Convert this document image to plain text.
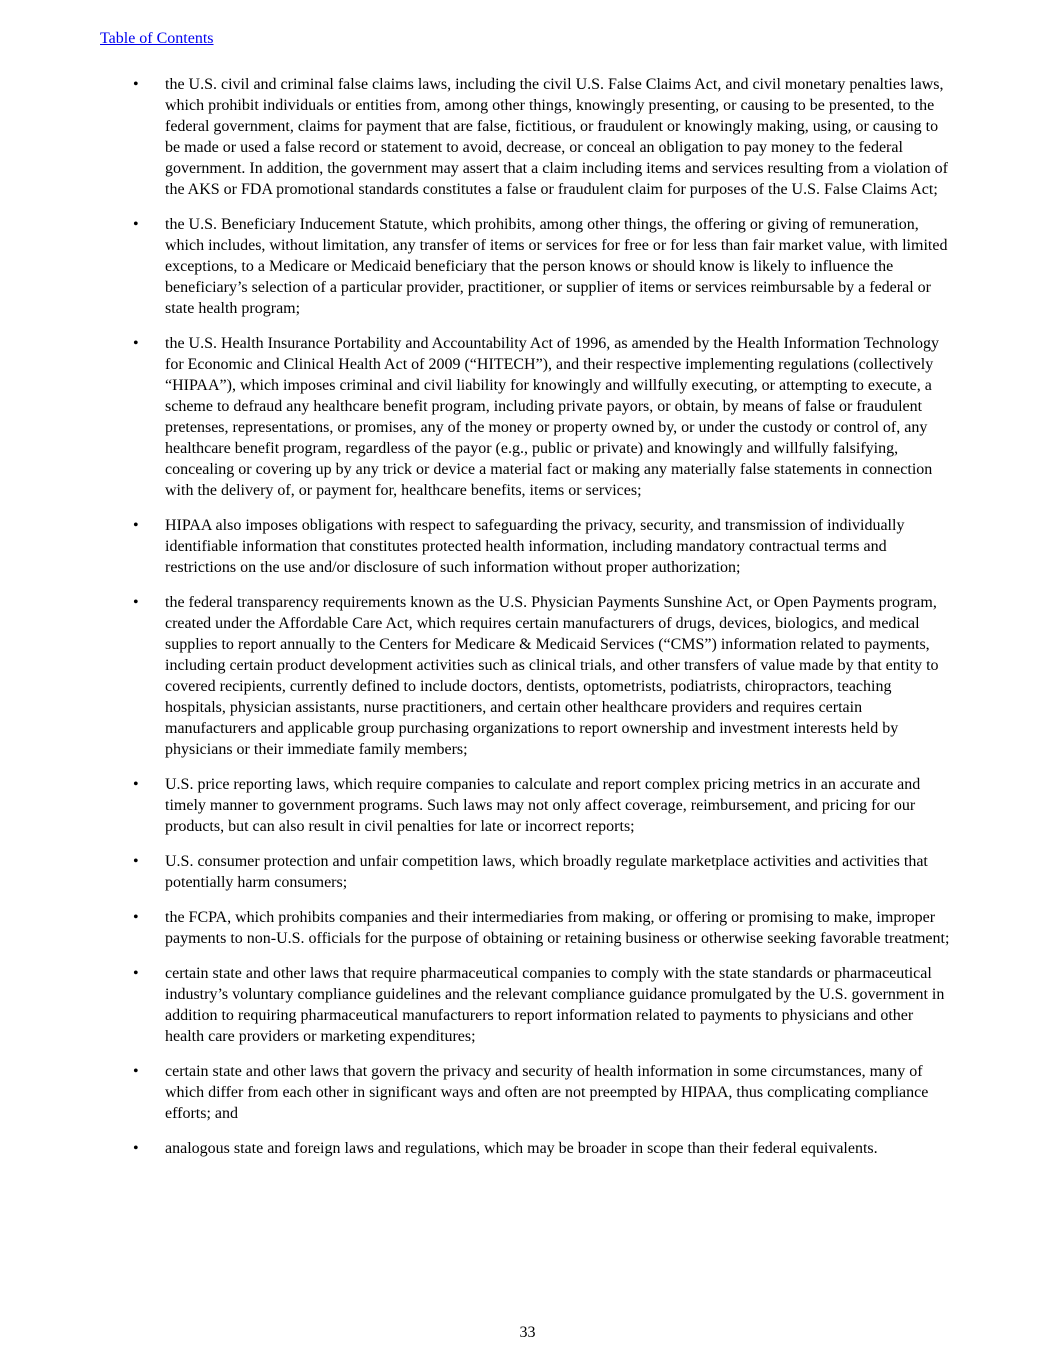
Table of Contents
•	the U.S. civil and criminal false claims laws, including the civil U.S. False Claims Act, and civil monetary penalties laws, which prohibit individuals or entities from, among other things, knowingly presenting, or causing to be presented, to the federal government, claims for payment that are false, fictitious, or fraudulent or knowingly making, using, or causing to be made or used a false record or statement to avoid, decrease, or conceal an obligation to pay money to the federal government. In addition, the government may assert that a claim including items and services resulting from a violation of the AKS or FDA promotional standards constitutes a false or fraudulent claim for purposes of the U.S. False Claims Act;
•	the U.S. Beneficiary Inducement Statute, which prohibits, among other things, the offering or giving of remuneration, which includes, without limitation, any transfer of items or services for free or for less than fair market value, with limited exceptions, to a Medicare or Medicaid beneficiary that the person knows or should know is likely to influence the beneficiary’s selection of a particular provider, practitioner, or supplier of items or services reimbursable by a federal or state health program;
•	the U.S. Health Insurance Portability and Accountability Act of 1996, as amended by the Health Information Technology for Economic and Clinical Health Act of 2009 (“HITECH”), and their respective implementing regulations (collectively “HIPAA”), which imposes criminal and civil liability for knowingly and willfully executing, or attempting to execute, a scheme to defraud any healthcare benefit program, including private payors, or obtain, by means of false or fraudulent pretenses, representations, or promises, any of the money or property owned by, or under the custody or control of, any healthcare benefit program, regardless of the payor (e.g., public or private) and knowingly and willfully falsifying, concealing or covering up by any trick or device a material fact or making any materially false statements in connection with the delivery of, or payment for, healthcare benefits, items or services;
•	HIPAA also imposes obligations with respect to safeguarding the privacy, security, and transmission of individually identifiable information that constitutes protected health information, including mandatory contractual terms and restrictions on the use and/or disclosure of such information without proper authorization;
•	the federal transparency requirements known as the U.S. Physician Payments Sunshine Act, or Open Payments program, created under the Affordable Care Act, which requires certain manufacturers of drugs, devices, biologics, and medical supplies to report annually to the Centers for Medicare & Medicaid Services (“CMS”) information related to payments, including certain product development activities such as clinical trials, and other transfers of value made by that entity to covered recipients, currently defined to include doctors, dentists, optometrists, podiatrists, chiropractors, teaching hospitals, physician assistants, nurse practitioners, and certain other healthcare providers and requires certain manufacturers and applicable group purchasing organizations to report ownership and investment interests held by physicians or their immediate family members;
•	U.S. price reporting laws, which require companies to calculate and report complex pricing metrics in an accurate and timely manner to government programs. Such laws may not only affect coverage, reimbursement, and pricing for our products, but can also result in civil penalties for late or incorrect reports;
•	U.S. consumer protection and unfair competition laws, which broadly regulate marketplace activities and activities that potentially harm consumers;
•	the FCPA, which prohibits companies and their intermediaries from making, or offering or promising to make, improper payments to non-U.S. officials for the purpose of obtaining or retaining business or otherwise seeking favorable treatment;
•	certain state and other laws that require pharmaceutical companies to comply with the state standards or pharmaceutical industry’s voluntary compliance guidelines and the relevant compliance guidance promulgated by the U.S. government in addition to requiring pharmaceutical manufacturers to report information related to payments to physicians and other health care providers or marketing expenditures;
•	certain state and other laws that govern the privacy and security of health information in some circumstances, many of which differ from each other in significant ways and often are not preempted by HIPAA, thus complicating compliance efforts; and
•	analogous state and foreign laws and regulations, which may be broader in scope than their federal equivalents.
33
